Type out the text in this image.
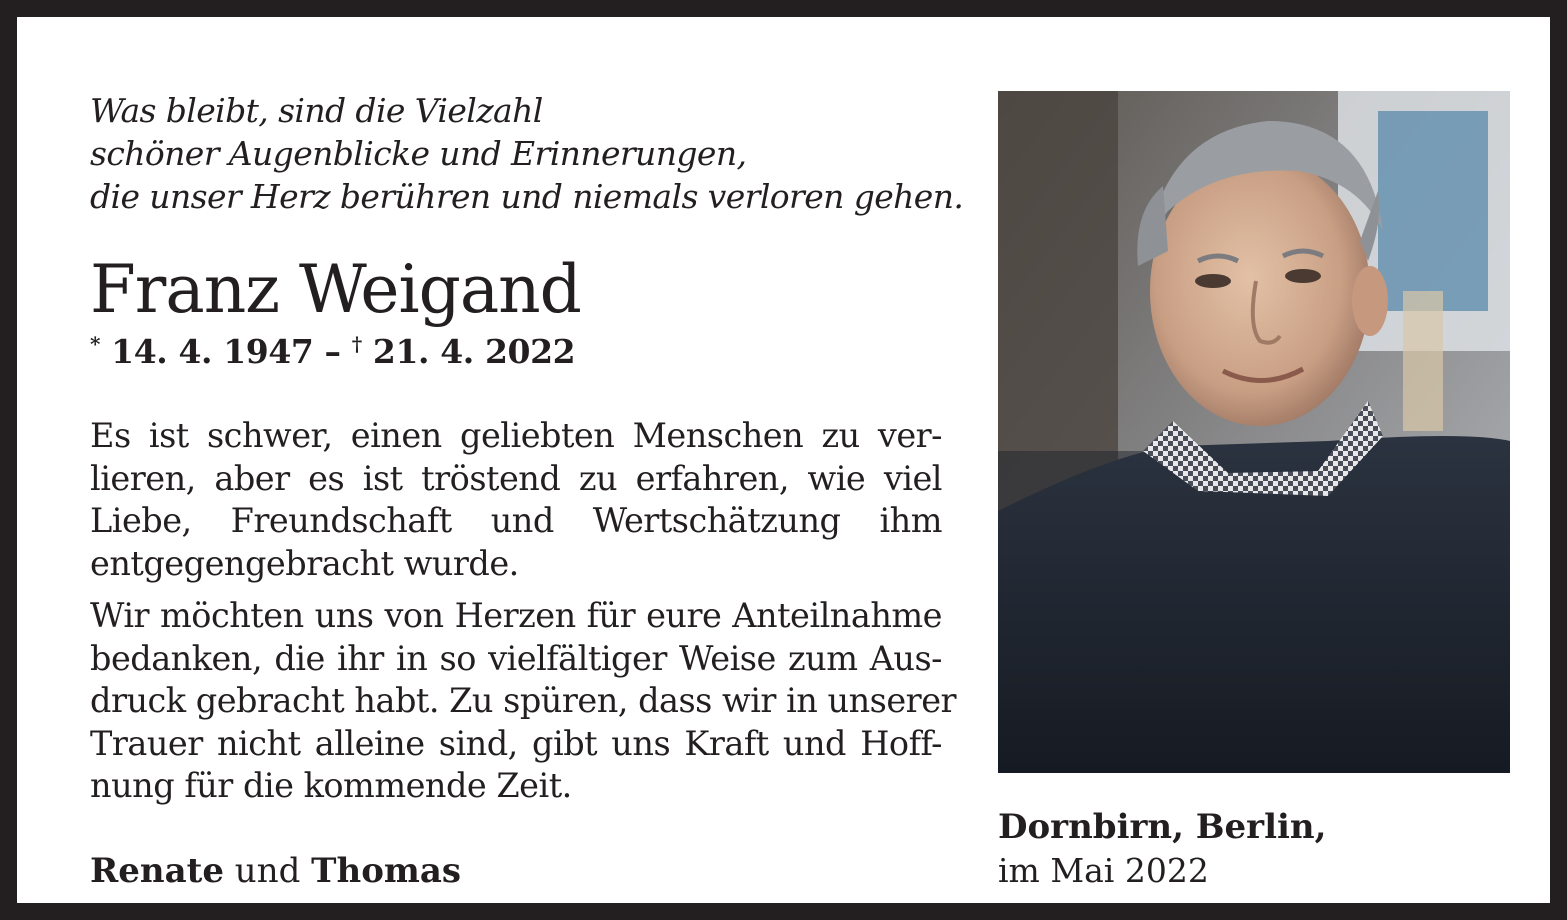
Was bleibt, sind die Vielzahl
schöner Augenblicke und Erinnerungen,
die unser Herz berühren und niemals verloren gehen.
Franz Weigand
* 14. 4. 1947 – † 21. 4. 2022
Es ist schwer, einen geliebten Menschen zu ver-
lieren, aber es ist tröstend zu erfahren, wie viel
Liebe, Freundschaft und Wertschätzung ihm
entgegengebracht wurde.
Wir möchten uns von Herzen für eure Anteilnahme
bedanken, die ihr in so vielfältiger Weise zum Aus-
druck gebracht habt. Zu spüren, dass wir in unserer
Trauer nicht alleine sind, gibt uns Kraft und Hoff-
nung für die kommende Zeit.
Renate und Thomas
Dornbirn, Berlin,
im Mai 2022
